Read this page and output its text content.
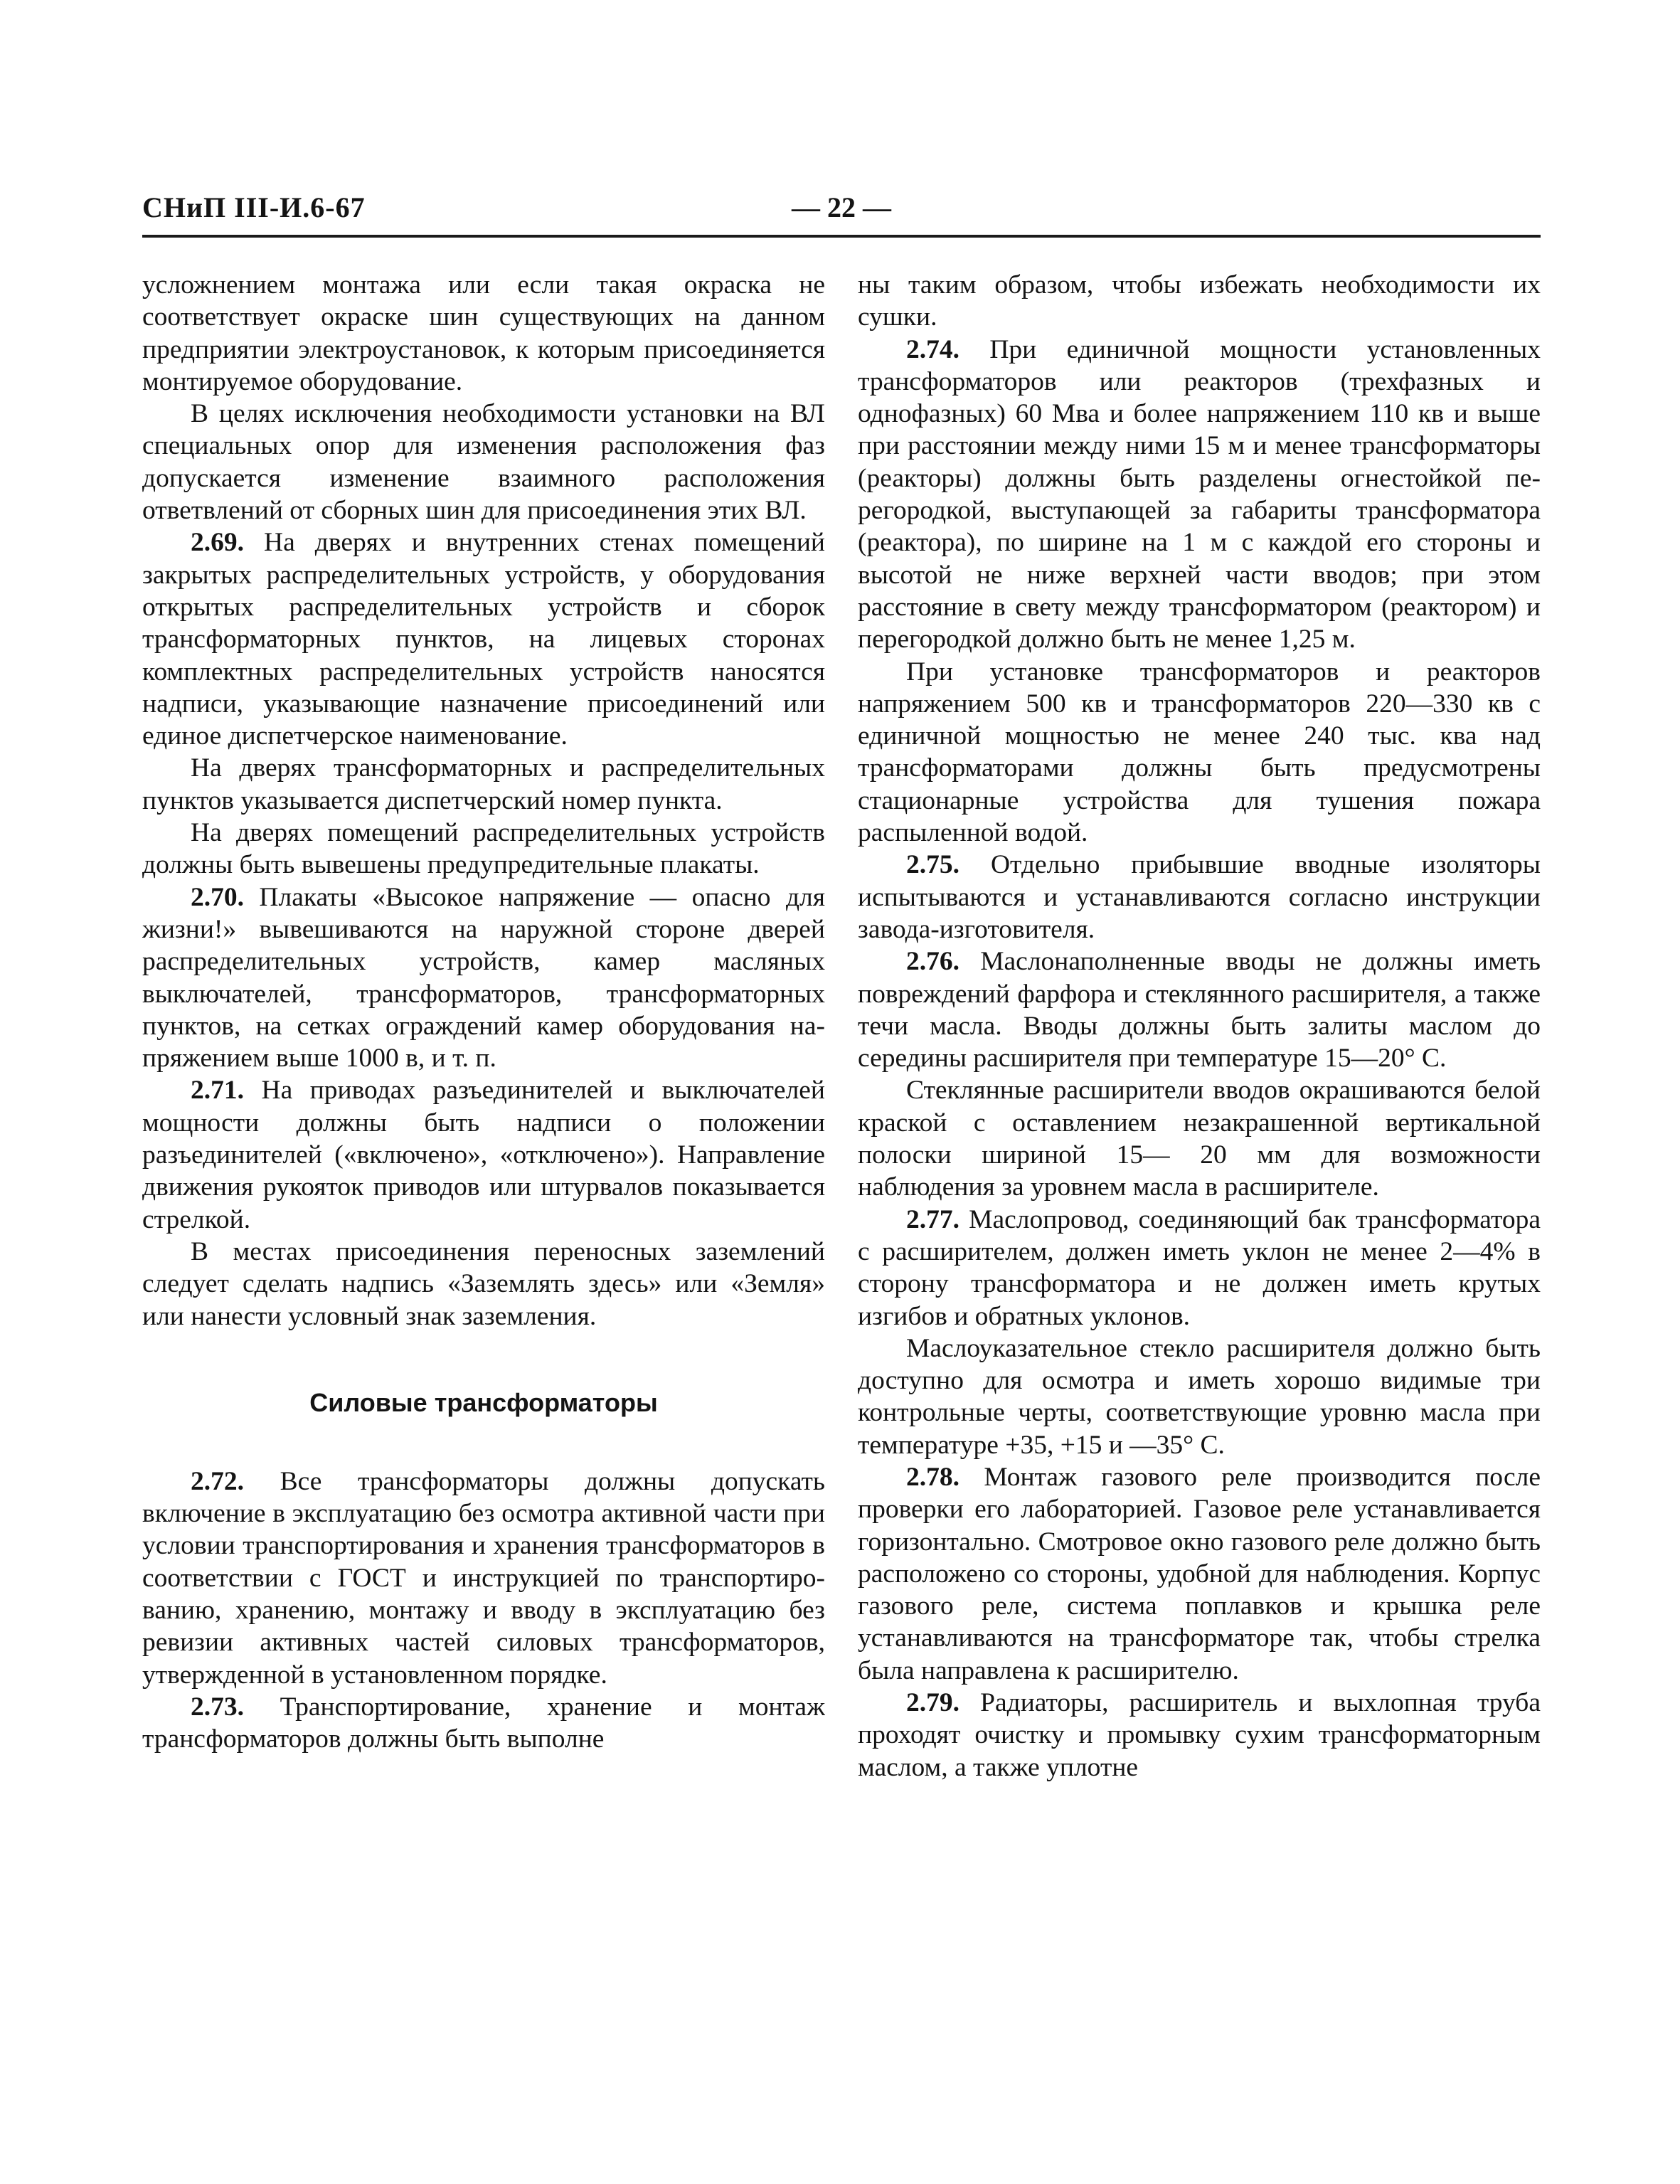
СНиП III-И.6-67	— 22 —

усложнением монтажа или если такая окраска не соответствует окраске шин существующих на данном предприятии электроустановок, к которым присоединяется монтируемое оборудование.

В целях исключения необходимости установки на ВЛ специальных опор для изменения расположения фаз допускается изменение взаимного расположения ответвлений от сборных шин для присоединения этих ВЛ.

2.69. На дверях и внутренних стенах помещений закрытых распределительных устройств, у оборудования открытых распределительных устройств и сборок трансформаторных пунктов, на лицевых сторонах комплектных распределительных устройств наносятся надписи, указывающие назначение присоединений или единое диспетчерское наименование.

На дверях трансформаторных и распределительных пунктов указывается диспетчерский номер пункта.

На дверях помещений распределительных устройств должны быть вывешены предупредительные плакаты.

2.70. Плакаты «Высокое напряжение — опасно для жизни!» вывешиваются на наружной стороне дверей распределительных устройств, камер масляных выключателей, трансформаторов, трансформаторных пунктов, на сетках ограждений камер оборудования напряжением выше 1000 в, и т. п.

2.71. На приводах разъединителей и выключателей мощности должны быть надписи о положении разъединителей («включено», «отключено»). Направление движения рукояток приводов или штурвалов показывается стрелкой.

В местах присоединения переносных заземлений следует сделать надпись «Заземлять здесь» или «Земля» или нанести условный знак заземления.

Силовые трансформаторы

2.72. Все трансформаторы должны допускать включение в эксплуатацию без осмотра активной части при условии транспортирования и хранения трансформаторов в соответствии с ГОСТ и инструкцией по транспортированию, хранению, монтажу и вводу в эксплуатацию без ревизии активных частей силовых трансформаторов, утвержденной в установленном порядке.

2.73. Транспортирование, хранение и монтаж трансформаторов должны быть выполне

ны таким образом, чтобы избежать необходимости их сушки.

2.74. При единичной мощности установленных трансформаторов или реакторов (трехфазных и однофазных) 60 Мва и более напряжением 110 кв и выше при расстоянии между ними 15 м и менее трансформаторы (реакторы) должны быть разделены огнестойкой перегородкой, выступающей за габариты трансформатора (реактора), по ширине на 1 м с каждой его стороны и высотой не ниже верхней части вводов; при этом расстояние в свету между трансформатором (реактором) и перегородкой должно быть не менее 1,25 м.

При установке трансформаторов и реакторов напряжением 500 кв и трансформаторов 220—330 кв с единичной мощностью не менее 240 тыс. ква над трансформаторами должны быть предусмотрены стационарные устройства для тушения пожара распыленной водой.

2.75. Отдельно прибывшие вводные изоляторы испытываются и устанавливаются согласно инструкции завода-изготовителя.

2.76. Маслонаполненные вводы не должны иметь повреждений фарфора и стеклянного расширителя, а также течи масла. Вводы должны быть залиты маслом до середины расширителя при температуре 15—20° С.

Стеклянные расширители вводов окрашиваются белой краской с оставлением незакрашенной вертикальной полоски шириной 15— 20 мм для возможности наблюдения за уровнем масла в расширителе.

2.77. Маслопровод, соединяющий бак трансформатора с расширителем, должен иметь уклон не менее 2—4% в сторону трансформатора и не должен иметь крутых изгибов и обратных уклонов.

Маслоуказательное стекло расширителя должно быть доступно для осмотра и иметь хорошо видимые три контрольные черты, соответствующие уровню масла при температуре +35, +15 и —35° С.

2.78. Монтаж газового реле производится после проверки его лабораторией. Газовое реле устанавливается горизонтально. Смотровое окно газового реле должно быть расположено со стороны, удобной для наблюдения. Корпус газового реле, система поплавков и крышка реле устанавливаются на трансформаторе так, чтобы стрелка была направлена к расширителю.

2.79. Радиаторы, расширитель и выхлопная труба проходят очистку и промывку сухим трансформаторным маслом, а также уплотне
